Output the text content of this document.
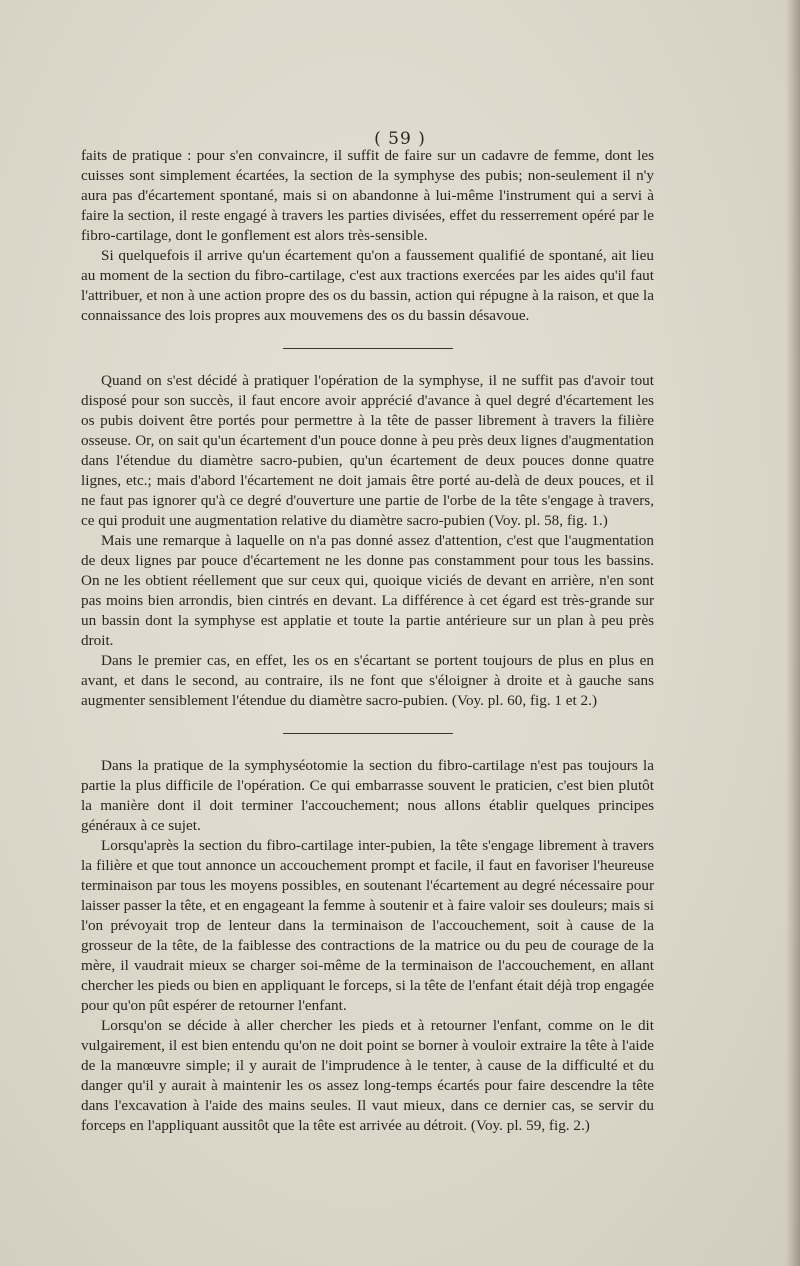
( 59 )

faits de pratique : pour s'en convaincre, il suffit de faire sur un cadavre de femme, dont les cuisses sont simplement écartées, la section de la symphyse des pubis; non-seulement il n'y aura pas d'écartement spontané, mais si on abandonne à lui-même l'instrument qui a servi à faire la section, il reste engagé à travers les parties divisées, effet du resserrement opéré par le fibro-cartilage, dont le gonflement est alors très-sensible.

Si quelquefois il arrive qu'un écartement qu'on a faussement qualifié de spontané, ait lieu au moment de la section du fibro-cartilage, c'est aux tractions exercées par les aides qu'il faut l'attribuer, et non à une action propre des os du bassin, action qui répugne à la raison, et que la connaissance des lois propres aux mouvemens des os du bassin désavoue.

Quand on s'est décidé à pratiquer l'opération de la symphyse, il ne suffit pas d'avoir tout disposé pour son succès, il faut encore avoir apprécié d'avance à quel degré d'écartement les os pubis doivent être portés pour permettre à la tête de passer librement à travers la filière osseuse. Or, on sait qu'un écartement d'un pouce donne à peu près deux lignes d'augmentation dans l'étendue du diamètre sacro-pubien, qu'un écartement de deux pouces donne quatre lignes, etc.; mais d'abord l'écartement ne doit jamais être porté au-delà de deux pouces, et il ne faut pas ignorer qu'à ce degré d'ouverture une partie de l'orbe de la tête s'engage à travers, ce qui produit une augmentation relative du diamètre sacro-pubien (Voy. pl. 58, fig. 1.)

Mais une remarque à laquelle on n'a pas donné assez d'attention, c'est que l'augmentation de deux lignes par pouce d'écartement ne les donne pas constamment pour tous les bassins. On ne les obtient réellement que sur ceux qui, quoique viciés de devant en arrière, n'en sont pas moins bien arrondis, bien cintrés en devant. La différence à cet égard est très-grande sur un bassin dont la symphyse est applatie et toute la partie antérieure sur un plan à peu près droit.

Dans le premier cas, en effet, les os en s'écartant se portent toujours de plus en plus en avant, et dans le second, au contraire, ils ne font que s'éloigner à droite et à gauche sans augmenter sensiblement l'étendue du diamètre sacro-pubien. (Voy. pl. 60, fig. 1 et 2.)

Dans la pratique de la symphyséotomie la section du fibro-cartilage n'est pas toujours la partie la plus difficile de l'opération. Ce qui embarrasse souvent le praticien, c'est bien plutôt la manière dont il doit terminer l'accouchement; nous allons établir quelques principes généraux à ce sujet.

Lorsqu'après la section du fibro-cartilage inter-pubien, la tête s'engage librement à travers la filière et que tout annonce un accouchement prompt et facile, il faut en favoriser l'heureuse terminaison par tous les moyens possibles, en soutenant l'écartement au degré nécessaire pour laisser passer la tête, et en engageant la femme à soutenir et à faire valoir ses douleurs; mais si l'on prévoyait trop de lenteur dans la terminaison de l'accouchement, soit à cause de la grosseur de la tête, de la faiblesse des contractions de la matrice ou du peu de courage de la mère, il vaudrait mieux se charger soi-même de la terminaison de l'accouchement, en allant chercher les pieds ou bien en appliquant le forceps, si la tête de l'enfant était déjà trop engagée pour qu'on pût espérer de retourner l'enfant.

Lorsqu'on se décide à aller chercher les pieds et à retourner l'enfant, comme on le dit vulgairement, il est bien entendu qu'on ne doit point se borner à vouloir extraire la tête à l'aide de la manœuvre simple; il y aurait de l'imprudence à le tenter, à cause de la difficulté et du danger qu'il y aurait à maintenir les os assez long-temps écartés pour faire descendre la tête dans l'excavation à l'aide des mains seules. Il vaut mieux, dans ce dernier cas, se servir du forceps en l'appliquant aussitôt que la tête est arrivée au détroit. (Voy. pl. 59, fig. 2.)
